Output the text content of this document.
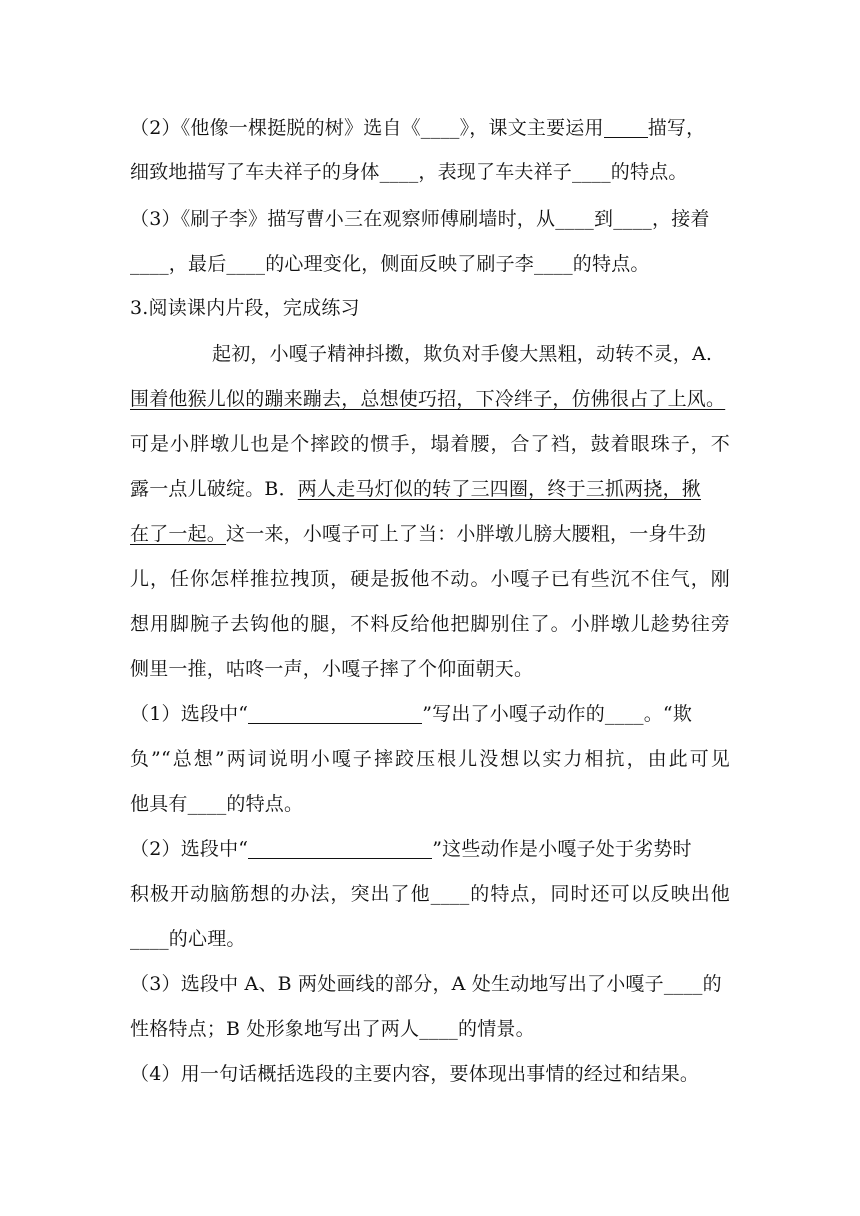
（2）《他像一棵挺脱的树》选自《____》，课文主要运用 描写，
细致地描写了车夫祥子的身体____，表现了车夫祥子____的特点。
（3）《刷子李》描写曹小三在观察师傅刷墙时，从____到____，接着
____，最后____的心理变化，侧面反映了刷子李____的特点。
3.阅读课内片段，完成练习
起初，小嘎子精神抖擞，欺负对手傻大黑粗，动转不灵，A.
围着他猴儿似的蹦来蹦去，总想使巧招，下冷绊子，仿佛很占了上风。
可是小胖墩儿也是个摔跤的惯手，塌着腰，合了裆，鼓着眼珠子，不
露一点儿破绽。B．两人走马灯似的转了三四圈，终于三抓两挠，揪
在了一起。这一来，小嘎子可上了当：小胖墩儿膀大腰粗，一身牛劲
儿，任你怎样推拉拽顶，硬是扳他不动。小嘎子已有些沉不住气，刚
想用脚腕子去钩他的腿，不料反给他把脚别住了。小胖墩儿趁势往旁
侧里一推，咕咚一声，小嘎子摔了个仰面朝天。
（1）选段中“	”写出了小嘎子动作的____。“欺
负”“总想”两词说明小嘎子摔跤压根儿没想以实力相抗，由此可见
他具有____的特点。
（2）选段中“	”这些动作是小嘎子处于劣势时
积极开动脑筋想的办法，突出了他____的特点，同时还可以反映出他
____的心理。
（3）选段中 A、B 两处画线的部分，A 处生动地写出了小嘎子____的
性格特点；B 处形象地写出了两人____的情景。
（4）用一句话概括选段的主要内容，要体现出事情的经过和结果。
